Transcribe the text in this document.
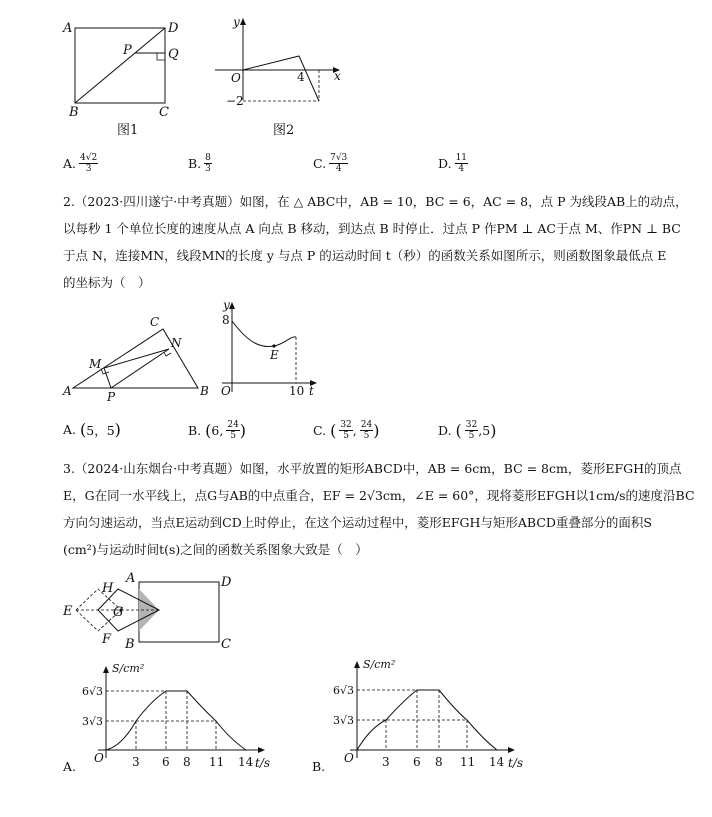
A	D
B	C
P	Q
图1
y
x
O	4
−2
图2
A. $\frac{4√2}{3}$	B. $\frac{8}{3}$	C. $\frac{7√3}{4}$	D. $\frac{11}{4}$
2.（2023·四川遂宁·中考真题）如图，在 △ ABC中，AB = 10，BC = 6，AC = 8，点 P 为线段AB上的动点，
以每秒 1 个单位长度的速度从点 A 向点 B 移动，到达点 B 时停止．过点 P 作PM ⊥ AC于点 M、作PN ⊥ BC
于点 N，连接MN，线段MN的长度 y 与点 P 的运动时间 t（秒）的函数关系如图所示，则函数图象最低点 E
的坐标为（　）
A	B
C
M
N
P
y
t
O
8
10
E
A.
( 5，5 )	B.
( 6, $\frac{24}{5}$ )	C.
( $\frac{32}{5}$ , $\frac{24}{5}$ )	D.
( $\frac{32}{5} ,5$ )
3.（2024·山东烟台·中考真题）如图，水平放置的矩形ABCD中，AB = 6cm，BC = 8cm，菱形EFGH的顶点
E，G在同一水平线上，点G与AB的中点重合，EF = 2√3cm，∠E = 60°，现将菱形EFGH以1cm/s的速度沿BC
方向匀速运动，当点E运动到CD上时停止，在这个运动过程中，菱形EFGH与矩形ABCD重叠部分的面积S
(cm²)与运动时间t(s)之间的函数关系图象大致是（　）
H
A	D
E	G
F B	C
S/cm²
t/s
O
6√3
3√3
3 6 8 11 14
A.
S/cm²
t/s
O
6√3
3√3
3 6 8 11 14
B.
